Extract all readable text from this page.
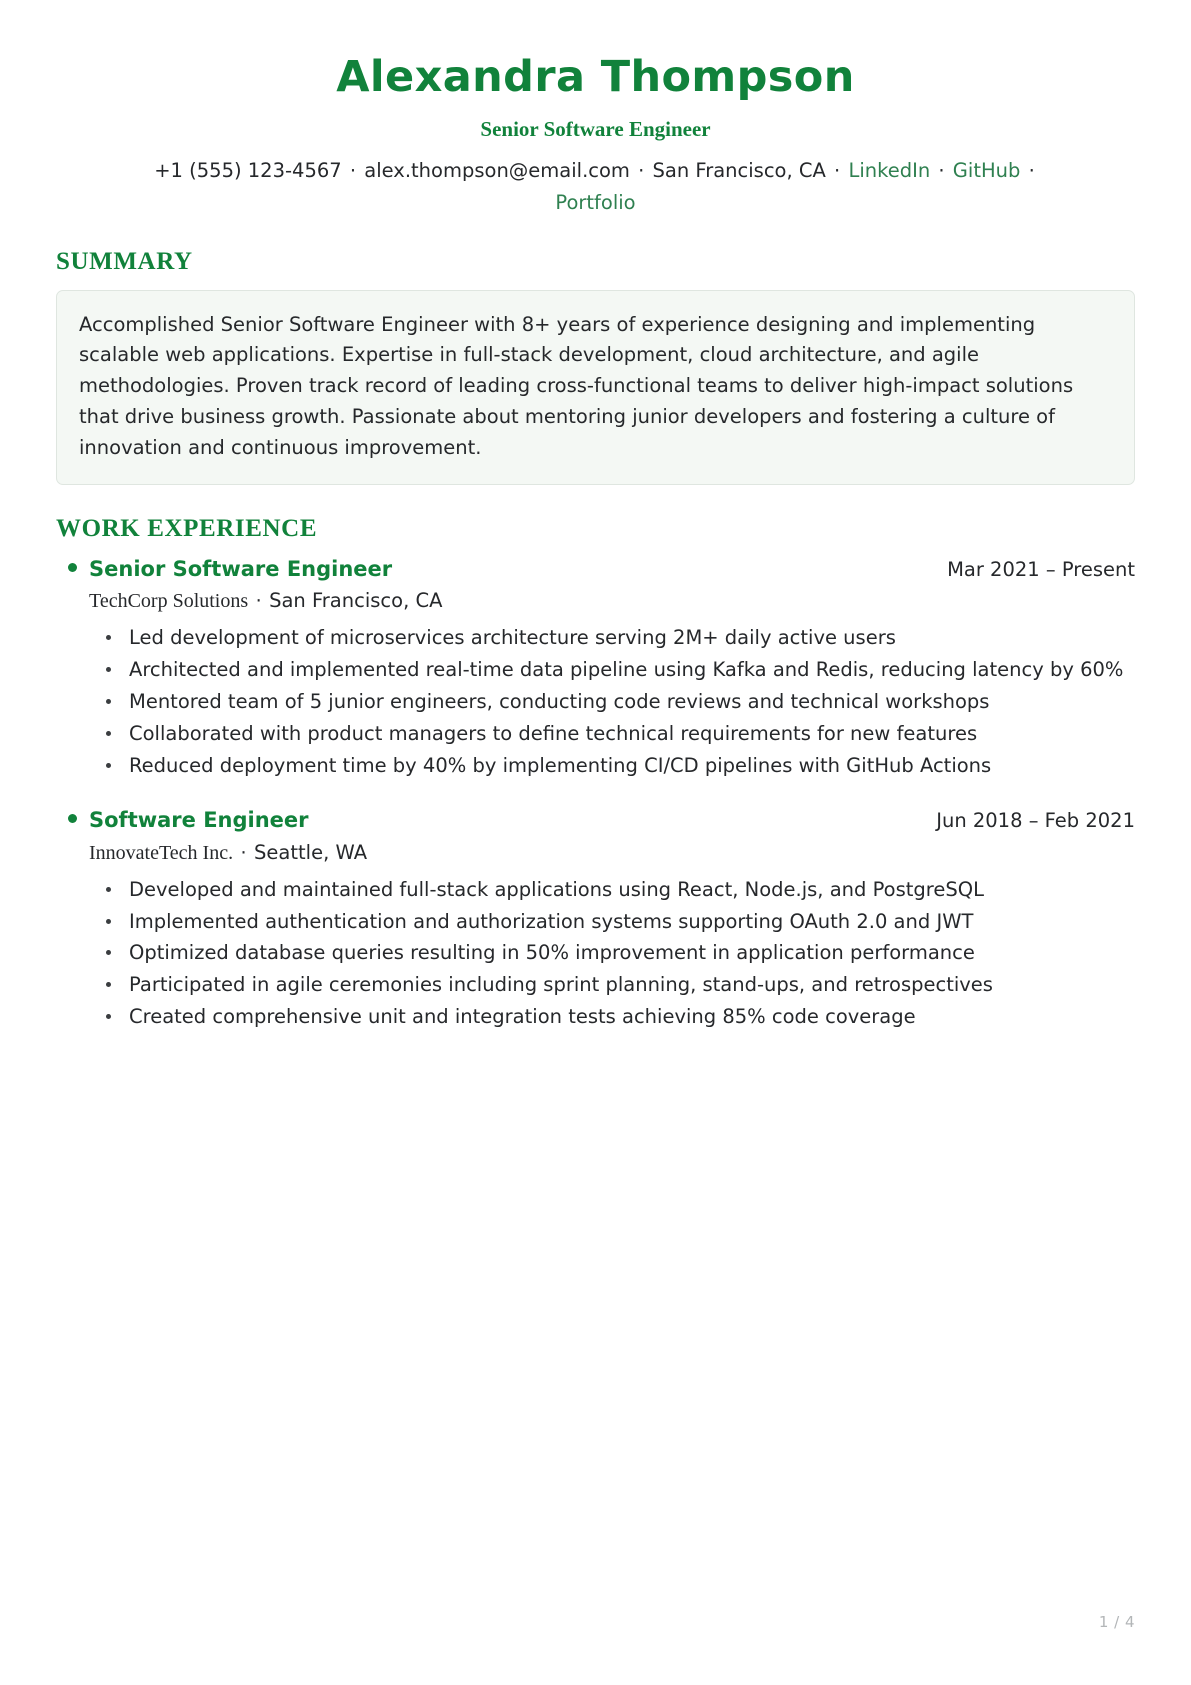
Alexandra Thompson
Senior Software Engineer
+1 (555) 123-4567 · alex.thompson@email.com · San Francisco, CA · LinkedIn · GitHub · Portfolio
SUMMARY

Accomplished Senior Software Engineer with 8+ years of experience designing and implementing scalable web applications. Expertise in full-stack development, cloud architecture, and agile methodologies. Proven track record of leading cross-functional teams to deliver high-impact solutions that drive business growth. Passionate about mentoring junior developers and fostering a culture of innovation and continuous improvement.

WORK EXPERIENCE
Senior Software Engineer	Mar 2021 – Present
TechCorp Solutions · San Francisco, CA
Led development of microservices architecture serving 2M+ daily active users
Architected and implemented real-time data pipeline using Kafka and Redis, reducing latency by 60%
Mentored team of 5 junior engineers, conducting code reviews and technical workshops
Collaborated with product managers to define technical requirements for new features
Reduced deployment time by 40% by implementing CI/CD pipelines with GitHub Actions
Software Engineer	Jun 2018 – Feb 2021
InnovateTech Inc. · Seattle, WA
Developed and maintained full-stack applications using React, Node.js, and PostgreSQL
Implemented authentication and authorization systems supporting OAuth 2.0 and JWT
Optimized database queries resulting in 50% improvement in application performance
Participated in agile ceremonies including sprint planning, stand-ups, and retrospectives
Created comprehensive unit and integration tests achieving 85% code coverage
1 / 4
